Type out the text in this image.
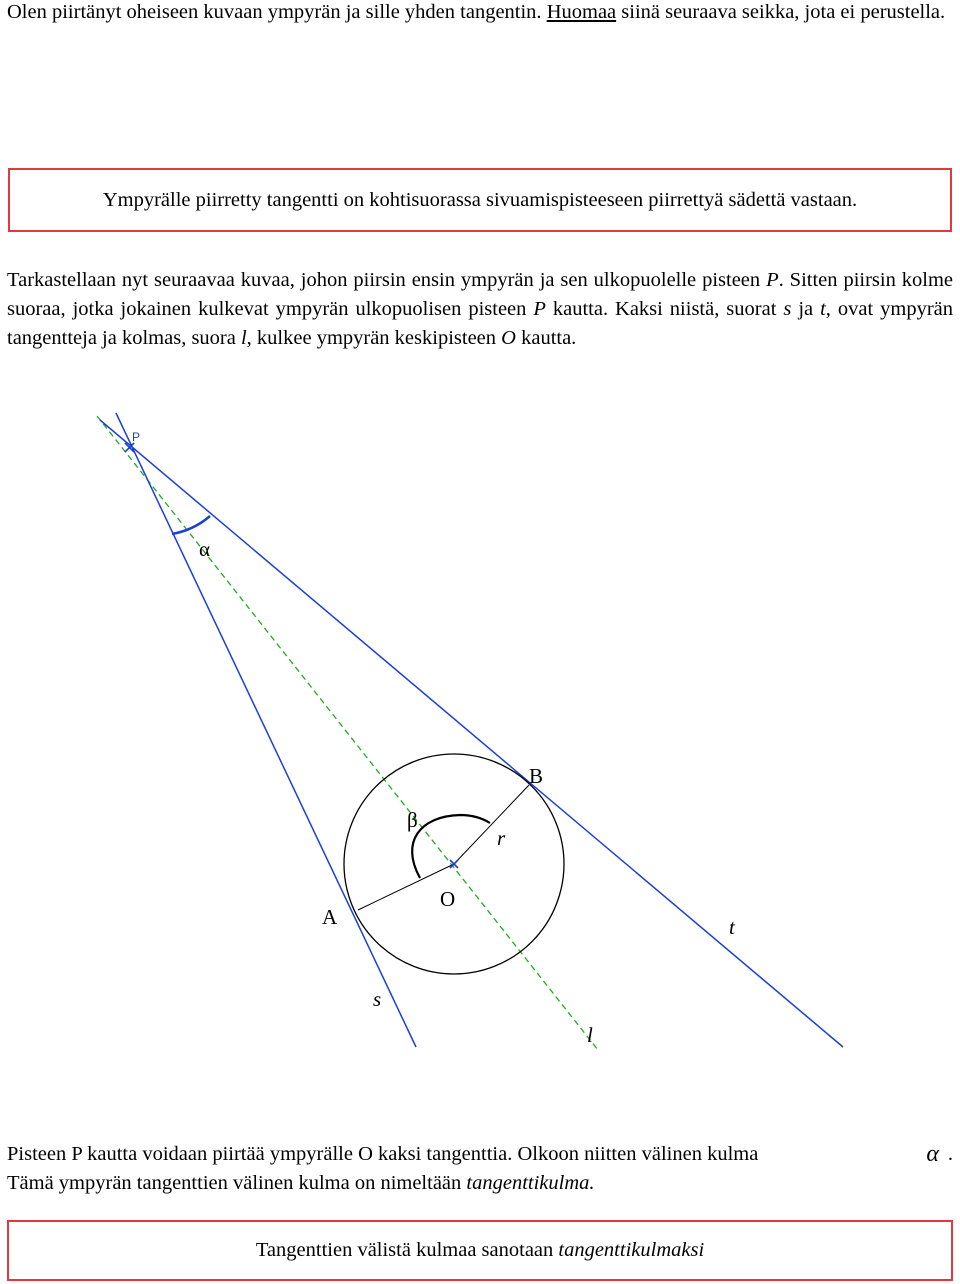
Olen piirtänyt oheiseen kuvaan ympyrän ja sille yhden tangentin. Huomaa siinä seuraava seikka, jota ei perustella.
Ympyrälle piirretty tangentti on kohtisuorassa sivuamispisteeseen piirrettyä sädettä vastaan.
Tarkastellaan nyt seuraavaa kuvaa, johon piirsin ensin ympyrän ja sen ulkopuolelle pisteen P. Sitten piirsin kolme suoraa, jotka jokainen kulkevat ympyrän ulkopuolisen pisteen P kautta. Kaksi niistä, suorat s ja t, ovat ympyrän tangentteja ja kolmas, suora l, kulkee ympyrän keskipisteen O kautta.
P
α
B
β
r
A
O
t
s
l
Pisteen P kautta voidaan piirtää ympyrälle O kaksi tangenttia. Olkoon niitten välinen kulma	α .
Tämä ympyrän tangenttien välinen kulma on nimeltään tangenttikulma.
Tangenttien välistä kulmaa sanotaan tangenttikulmaksi
